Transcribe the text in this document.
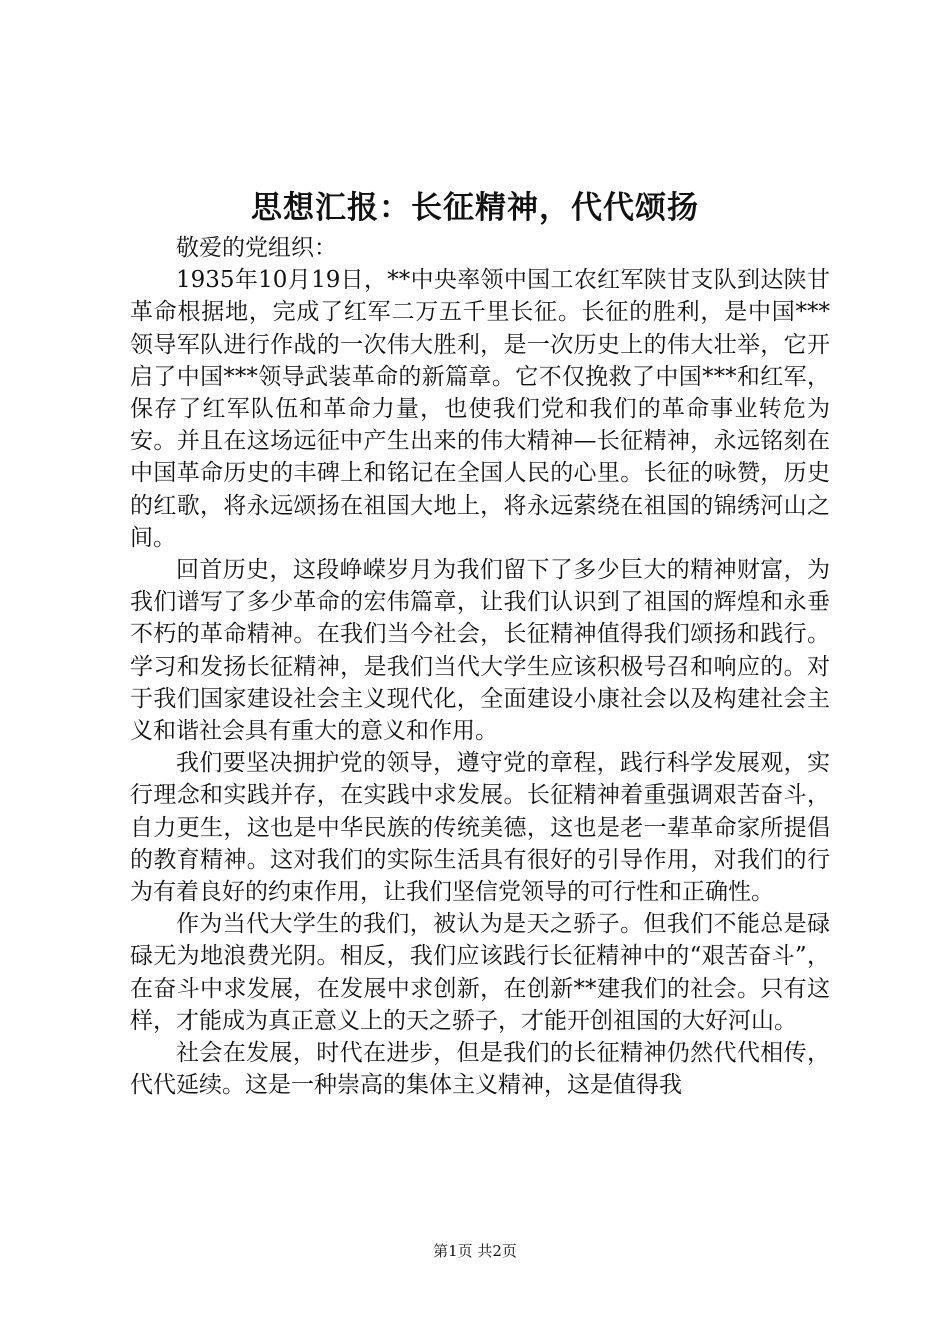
思想汇报：长征精神，代代颂扬

敬爱的党组织：

1935年10月19日，**中央率领中国工农红军陕甘支队到达陕甘革命根据地，完成了红军二万五千里长征。长征的胜利，是中国***领导军队进行作战的一次伟大胜利，是一次历史上的伟大壮举，它开启了中国***领导武装革命的新篇章。它不仅挽救了中国***和红军，保存了红军队伍和革命力量，也使我们党和我们的革命事业转危为安。并且在这场远征中产生出来的伟大精神—长征精神，永远铭刻在中国革命历史的丰碑上和铭记在全国人民的心里。长征的咏赞，历史的红歌，将永远颂扬在祖国大地上，将永远萦绕在祖国的锦绣河山之间。

回首历史，这段峥嵘岁月为我们留下了多少巨大的精神财富，为我们谱写了多少革命的宏伟篇章，让我们认识到了祖国的辉煌和永垂不朽的革命精神。在我们当今社会，长征精神值得我们颂扬和践行。学习和发扬长征精神，是我们当代大学生应该积极号召和响应的。对于我们国家建设社会主义现代化，全面建设小康社会以及构建社会主义和谐社会具有重大的意义和作用。

我们要坚决拥护党的领导，遵守党的章程，践行科学发展观，实行理念和实践并存，在实践中求发展。长征精神着重强调艰苦奋斗，自力更生，这也是中华民族的传统美德，这也是老一辈革命家所提倡的教育精神。这对我们的实际生活具有很好的引导作用，对我们的行为有着良好的约束作用，让我们坚信党领导的可行性和正确性。

作为当代大学生的我们，被认为是天之骄子。但我们不能总是碌碌无为地浪费光阴。相反，我们应该践行长征精神中的“艰苦奋斗”，在奋斗中求发展，在发展中求创新，在创新**建我们的社会。只有这样，才能成为真正意义上的天之骄子，才能开创祖国的大好河山。

社会在发展，时代在进步，但是我们的长征精神仍然代代相传，代代延续。这是一种崇高的集体主义精神，这是值得我

第1页 共2页
